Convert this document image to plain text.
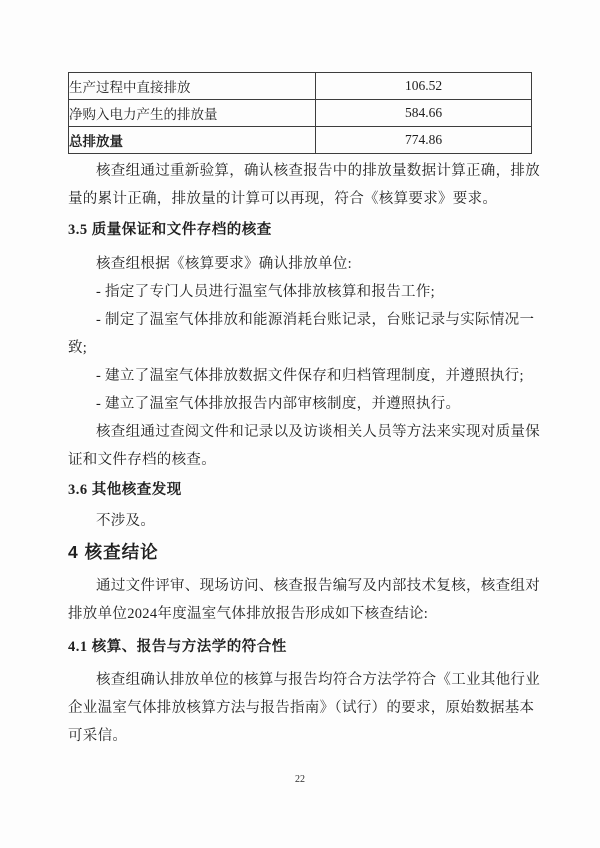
生产过程中直接排放	106.52
净购入电力产生的排放量	584.66
总排放量	774.86
核查组通过重新验算，确认核查报告中的排放量数据计算正确，排放
量的累计正确，排放量的计算可以再现，符合《核算要求》要求。
3.5 质量保证和文件存档的核查
核查组根据《核算要求》确认排放单位:
- 指定了专门人员进行温室气体排放核算和报告工作;
- 制定了温室气体排放和能源消耗台账记录，台账记录与实际情况一
致;
- 建立了温室气体排放数据文件保存和归档管理制度，并遵照执行;
- 建立了温室气体排放报告内部审核制度，并遵照执行。
核查组通过查阅文件和记录以及访谈相关人员等方法来实现对质量保
证和文件存档的核查。
3.6 其他核查发现
不涉及。
4 核查结论
通过文件评审、现场访问、核查报告编写及内部技术复核，核查组对
排放单位2024年度温室气体排放报告形成如下核查结论:
4.1 核算、报告与方法学的符合性
核查组确认排放单位的核算与报告均符合方法学符合《工业其他行业
企业温室气体排放核算方法与报告指南》（试行）的要求，原始数据基本
可采信。
22
